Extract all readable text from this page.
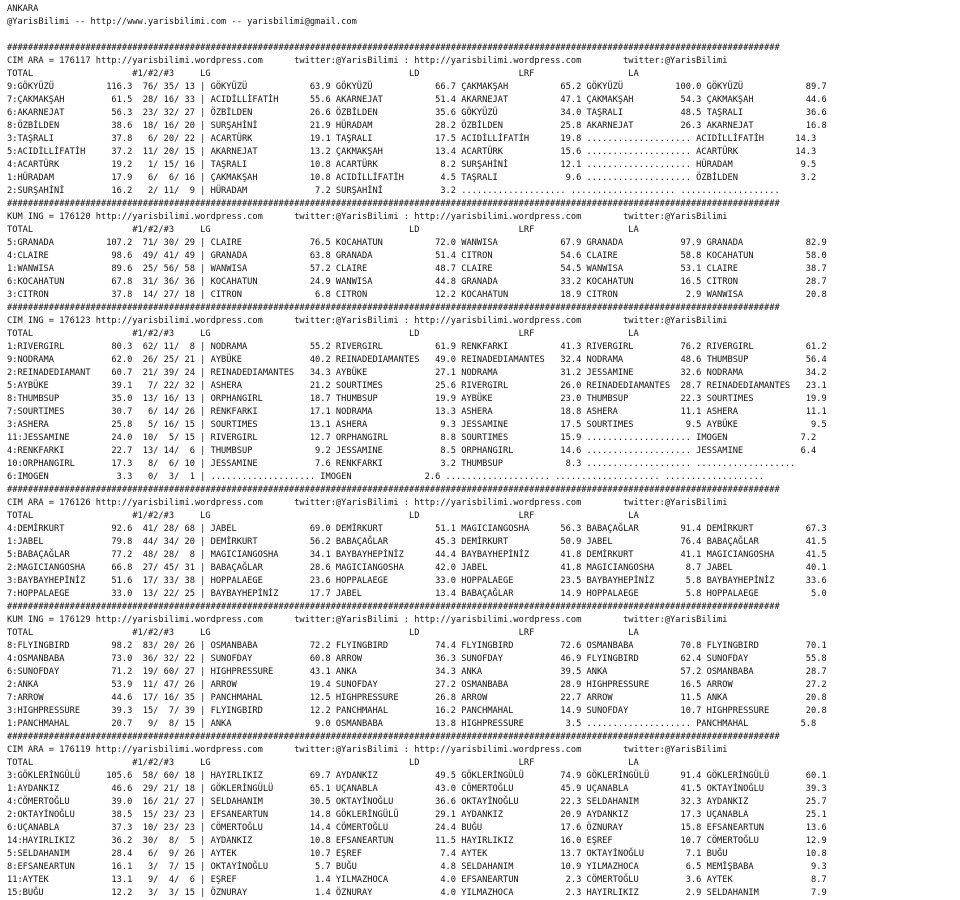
ANKARA
@YarisBilimi -- http://www.yarisbilimi.com -- yarisbilimi@gmail.com
####################################################################################################################################################
CIM ARA = 176117 http://yarisbilimi.wordpress.com      twitter:@YarisBilimi : http://yarisbilimi.wordpress.com        twitter:@YarisBilimi
TOTAL                   #1/#2/#3     LG                                      LD                   LRF                  LA
9:GÖKYÜZÜ          116.3  76/ 35/ 13 | GÖKYÜZÜ            63.9 GÖKYÜZÜ            66.7 ÇAKMAKŞAH          65.2 GÖKYÜZÜ          100.0 GÖKYÜZÜ            89.7
7:ÇAKMAKŞAH         61.5  28/ 16/ 33 | ACIDİLLİFATİH      55.6 AKARNEJAT          51.4 AKARNEJAT          47.1 ÇAKMAKŞAH         54.3 ÇAKMAKŞAH          44.6
6:AKARNEJAT         56.3  23/ 32/ 27 | ÖZBİLDEN           26.6 ÖZBİLDEN           35.6 GÖKYÜZÜ            34.0 TAŞRALI           48.5 TAŞRALI            36.6
8:ÖZBİLDEN          38.6  18/ 16/ 20 | SURŞAHİNİ          21.9 HÜRADAM            28.2 ÖZBİLDEN           25.8 AKARNEJAT         26.3 AKARNEJAT          16.8
3:TAŞRALI           37.8   6/ 20/ 22 | ACARTÜRK           19.1 TAŞRALI            17.5 ACIDİLLİFATİH      19.8 .................... ACIDİLLİFATİH      14.3
5:ACIDİLLİFATİH     37.2  11/ 20/ 15 | AKARNEJAT          13.2 ÇAKMAKŞAH          13.4 ACARTÜRK           15.6 .................... ACARTÜRK           14.3
4:ACARTÜRK          19.2   1/ 15/ 16 | TAŞRALI            10.8 ACARTÜRK            8.2 SURŞAHİNİ          12.1 .................... HÜRADAM             9.5
1:HÜRADAM           17.9   6/  6/ 16 | ÇAKMAKŞAH          10.8 ACIDİLLİFATİH       4.5 TAŞRALI             9.6 .................... ÖZBİLDEN            3.2
2:SURŞAHİNİ         16.2   2/ 11/  9 | HÜRADAM             7.2 SURŞAHİNİ           3.2 .................... .................... ...................
####################################################################################################################################################
KUM ING = 176120 http://yarisbilimi.wordpress.com      twitter:@YarisBilimi : http://yarisbilimi.wordpress.com        twitter:@YarisBilimi
TOTAL                   #1/#2/#3     LG                                      LD                   LRF                  LA
5:GRANADA          107.2  71/ 30/ 29 | CLAIRE             76.5 KOCAHATUN          72.0 WANWISA            67.9 GRANADA           97.9 GRANADA            82.9
4:CLAIRE            98.6  49/ 41/ 49 | GRANADA            63.8 GRANADA            51.4 CITRON             54.6 CLAIRE            58.8 KOCAHATUN          58.0
1:WANWISA           89.6  25/ 56/ 58 | WANWISA            57.2 CLAIRE             48.7 CLAIRE             54.5 WANWISA           53.1 CLAIRE             38.7
6:KOCAHATUN         67.8  31/ 36/ 36 | KOCAHATUN          24.9 WANWISA            44.8 GRANADA            33.2 KOCAHATUN         16.5 CITRON             28.7
3:CITRON            37.8  14/ 27/ 18 | CITRON              6.8 CITRON             12.2 KOCAHATUN          18.9 CITRON             2.9 WANWISA            20.8
####################################################################################################################################################
CIM ING = 176123 http://yarisbilimi.wordpress.com      twitter:@YarisBilimi : http://yarisbilimi.wordpress.com        twitter:@YarisBilimi
TOTAL                   #1/#2/#3     LG                                      LD                   LRF                  LA
1:RIVERGIRL         80.3  62/ 11/  8 | NODRAMA            55.2 RIVERGIRL          61.9 RENKFARKI          41.3 RIVERGIRL         76.2 RIVERGIRL          61.2
9:NODRAMA           62.0  26/ 25/ 21 | AYBÜKE             40.2 REINADEDIAMANTES   49.0 REINADEDIAMANTES   32.4 NODRAMA           48.6 THUMBSUP           56.4
2:REINADEDIAMANT    60.7  21/ 39/ 24 | REINADEDIAMANTES   34.3 AYBÜKE             27.1 NODRAMA            31.2 JESSAMINE         32.6 NODRAMA            34.2
5:AYBÜKE            39.1   7/ 22/ 32 | ASHERA             21.2 SOURTIMES          25.6 RIVERGIRL          26.0 REINADEDIAMANTES  28.7 REINADEDIAMANTES   23.1
8:THUMBSUP          35.0  13/ 16/ 13 | ORPHANGIRL         18.7 THUMBSUP           19.9 AYBÜKE             23.0 THUMBSUP          22.3 SOURTIMES          19.9
7:SOURTIMES         30.7   6/ 14/ 26 | RENKFARKI          17.1 NODRAMA            13.3 ASHERA             18.8 ASHERA            11.1 ASHERA             11.1
3:ASHERA            25.8   5/ 16/ 15 | SOURTIMES          13.1 ASHERA              9.3 JESSAMINE          17.5 SOURTIMES          9.5 AYBÜKE              9.5
11:JESSAMINE        24.0  10/  5/ 15 | RIVERGIRL          12.7 ORPHANGIRL          8.8 SOURTIMES          15.9 .................... IMOGEN              7.2
4:RENKFARKI         22.7  13/ 14/  6 | THUMBSUP            9.2 JESSAMINE           8.5 ORPHANGIRL         14.6 .................... JESSAMINE           6.4
10:ORPHANGIRL       17.3   8/  6/ 10 | JESSAMINE           7.6 RENKFARKI           3.2 THUMBSUP            8.3 .................... ...................
6:IMOGEN             3.3   0/  3/  1 | .................... IMOGEN              2.6 .................... .................... ...................
####################################################################################################################################################
CIM ARA = 176126 http://yarisbilimi.wordpress.com      twitter:@YarisBilimi : http://yarisbilimi.wordpress.com        twitter:@YarisBilimi
TOTAL                   #1/#2/#3     LG                                      LD                   LRF                  LA
4:DEMİRKURT         92.6  41/ 28/ 68 | JABEL              69.0 DEMİRKURT          51.1 MAGICIANGOSHA      56.3 BABAÇAĞLAR        91.4 DEMİRKURT          67.3
1:JABEL             79.8  44/ 34/ 20 | DEMİRKURT          56.2 BABAÇAĞLAR         45.3 DEMİRKURT          50.9 JABEL             76.4 BABAÇAĞLAR         41.5
5:BABAÇAĞLAR        77.2  48/ 28/  8 | MAGICIANGOSHA      34.1 BAYBAYHEPİNİZ      44.4 BAYBAYHEPİNİZ      41.8 DEMİRKURT         41.1 MAGICIANGOSHA      41.5
2:MAGICIANGOSHA     66.8  27/ 45/ 31 | BABAÇAĞLAR         28.6 MAGICIANGOSHA      42.0 JABEL              41.8 MAGICIANGOSHA      8.7 JABEL              40.1
3:BAYBAYHEPİNİZ     51.6  17/ 33/ 38 | HOPPALAEGE         23.6 HOPPALAEGE         33.0 HOPPALAEGE         23.5 BAYBAYHEPİNİZ      5.8 BAYBAYHEPİNİZ      33.6
7:HOPPALAEGE        33.0  13/ 22/ 25 | BAYBAYHEPİNİZ      17.7 JABEL              13.4 BABAÇAĞLAR         14.9 HOPPALAEGE         5.8 HOPPALAEGE          5.0
####################################################################################################################################################
KUM ING = 176129 http://yarisbilimi.wordpress.com      twitter:@YarisBilimi : http://yarisbilimi.wordpress.com        twitter:@YarisBilimi
TOTAL                   #1/#2/#3     LG                                      LD                   LRF                  LA
8:FLYINGBIRD        98.2  83/ 20/ 26 | OSMANBABA          72.2 FLYINGBIRD         74.4 FLYINGBIRD         72.6 OSMANBABA         70.8 FLYINGBIRD         70.1
4:OSMANBABA         73.0  36/ 32/ 22 | SUNOFDAY           60.8 ARROW              36.3 SUNOFDAY           46.9 FLYINGBIRD        62.4 SUNOFDAY           55.8
6:SUNOFDAY          71.2  19/ 60/ 27 | HIGHPRESSURE       43.1 ANKA               34.3 ANKA               39.5 ANKA              57.2 OSMANBABA          28.7
2:ANKA              53.9  11/ 47/ 26 | ARROW              19.4 SUNOFDAY           27.2 OSMANBABA          28.9 HIGHPRESSURE      16.5 ARROW              27.2
7:ARROW             44.6  17/ 16/ 35 | PANCHMAHAL         12.5 HIGHPRESSURE       26.8 ARROW              22.7 ARROW             11.5 ANKA               20.8
3:HIGHPRESSURE      39.3  15/  7/ 39 | FLYINGBIRD         12.2 PANCHMAHAL         16.2 PANCHMAHAL         14.9 SUNOFDAY          10.7 HIGHPRESSURE       20.8
1:PANCHMAHAL        20.7   9/  8/ 15 | ANKA                9.0 OSMANBABA          13.8 HIGHPRESSURE        3.5 .................... PANCHMAHAL          5.8
####################################################################################################################################################
CIM ARA = 176119 http://yarisbilimi.wordpress.com      twitter:@YarisBilimi : http://yarisbilimi.wordpress.com        twitter:@YarisBilimi
TOTAL                   #1/#2/#3     LG                                      LD                   LRF                  LA
3:GÖKLERİNGÜLÜ     105.6  58/ 60/ 18 | HAYIRLIKIZ         69.7 AYDANKIZ           49.5 GÖKLERİNGÜLÜ       74.9 GÖKLERİNGÜLÜ      91.4 GÖKLERİNGÜLÜ       60.1
1:AYDANKIZ          46.6  29/ 21/ 18 | GÖKLERİNGÜLÜ       65.1 UÇANABLA           43.0 CÖMERTOĞLU         45.9 UÇANABLA          41.5 OKTAYİNOĞLU        39.3
4:CÖMERTOĞLU        39.0  16/ 21/ 27 | SELDAHANIM         30.5 OKTAYİNOĞLU        36.6 OKTAYİNOĞLU        22.3 SELDAHANIM        32.3 AYDANKIZ           25.7
2:OKTAYİNOĞLU       38.5  15/ 23/ 23 | EFSANEARTUN        14.8 GÖKLERİNGÜLÜ       29.1 AYDANKIZ           20.9 AYDANKIZ          17.3 UÇANABLA           25.1
6:UÇANABLA          37.3  10/ 23/ 23 | CÖMERTOĞLU         14.4 CÖMERTOĞLU         24.4 BUĞU               17.6 ÖZNURAY           15.8 EFSANEARTUN        13.6
14:HAYIRLIKIZ       36.2  30/  8/  5 | AYDANKIZ           10.8 EFSANEARTUN        11.5 HAYIRLIKIZ         16.0 EŞREF             10.7 CÖMERTOĞLU         12.9
5:SELDAHANIM        28.4   6/  9/ 26 | AYTEK              10.7 EŞREF               7.4 AYTEK              13.7 OKTAYİNOĞLU        7.1 BUĞU               10.8
8:EFSANEARTUN       16.1   3/  7/ 15 | OKTAYİNOĞLU         5.7 BUĞU                4.8 SELDAHANIM         10.9 YILMAZHOCA         6.5 MEMİŞBABA           9.3
11:AYTEK            13.1   9/  4/  6 | EŞREF               1.4 YILMAZHOCA          4.0 EFSANEARTUN         2.3 CÖMERTOĞLU         3.6 AYTEK               8.7
15:BUĞU             12.2   3/  3/ 15 | ÖZNURAY             1.4 ÖZNURAY             4.0 YILMAZHOCA          2.3 HAYIRLIKIZ         2.9 SELDAHANIM          7.9
